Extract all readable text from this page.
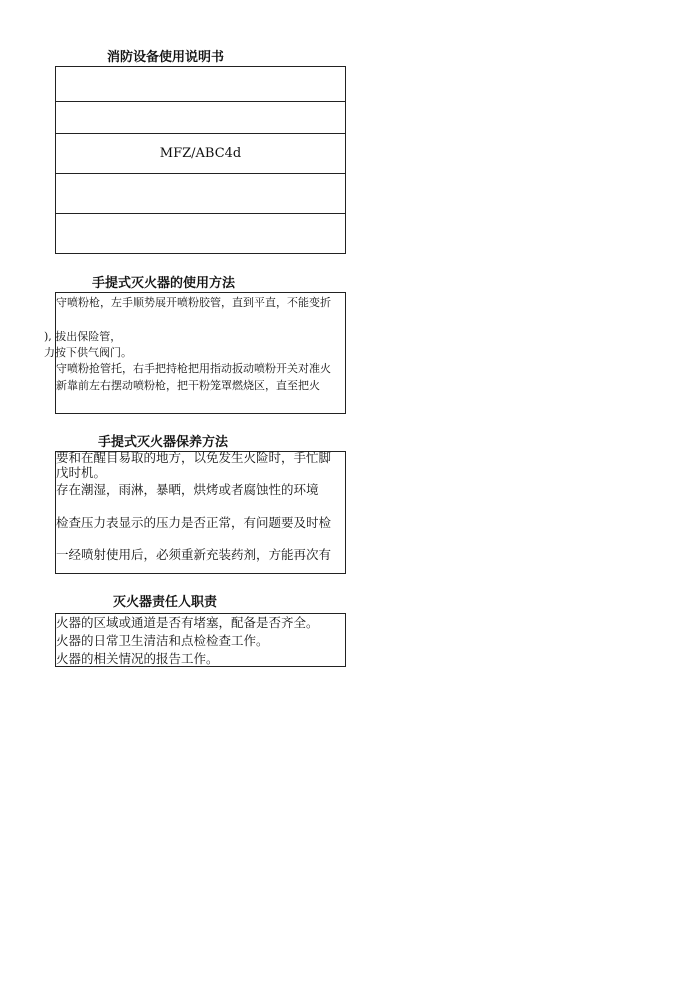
消防设备使用说明书
MFZ/ABC4d
手提式灭火器的使用方法
守喷粉枪，左手顺势展开喷粉胶管，直到平直，不能变折
), 拔出保险管，
力按下供气阀门。
守喷粉抢管托，右手把持枪把用指动扳动喷粉开关对准火
新靠前左右摆动喷粉枪，把干粉笼罩燃烧区，直至把火
手提式灭火器保养方法
要和在醒目易取的地方，以免发生火险时，手忙脚
戊时机。
存在潮湿，雨淋，暴晒，烘烤或者腐蚀性的环境
检查压力表显示的压力是否正常，有问题要及时检
一经喷射使用后，必须重新充装药剂，方能再次有
灭火器责任人职责
火器的区域或通道是否有堵塞，配备是否齐全。
火器的日常卫生清洁和点检检查工作。
火器的相关情况的报告工作。
